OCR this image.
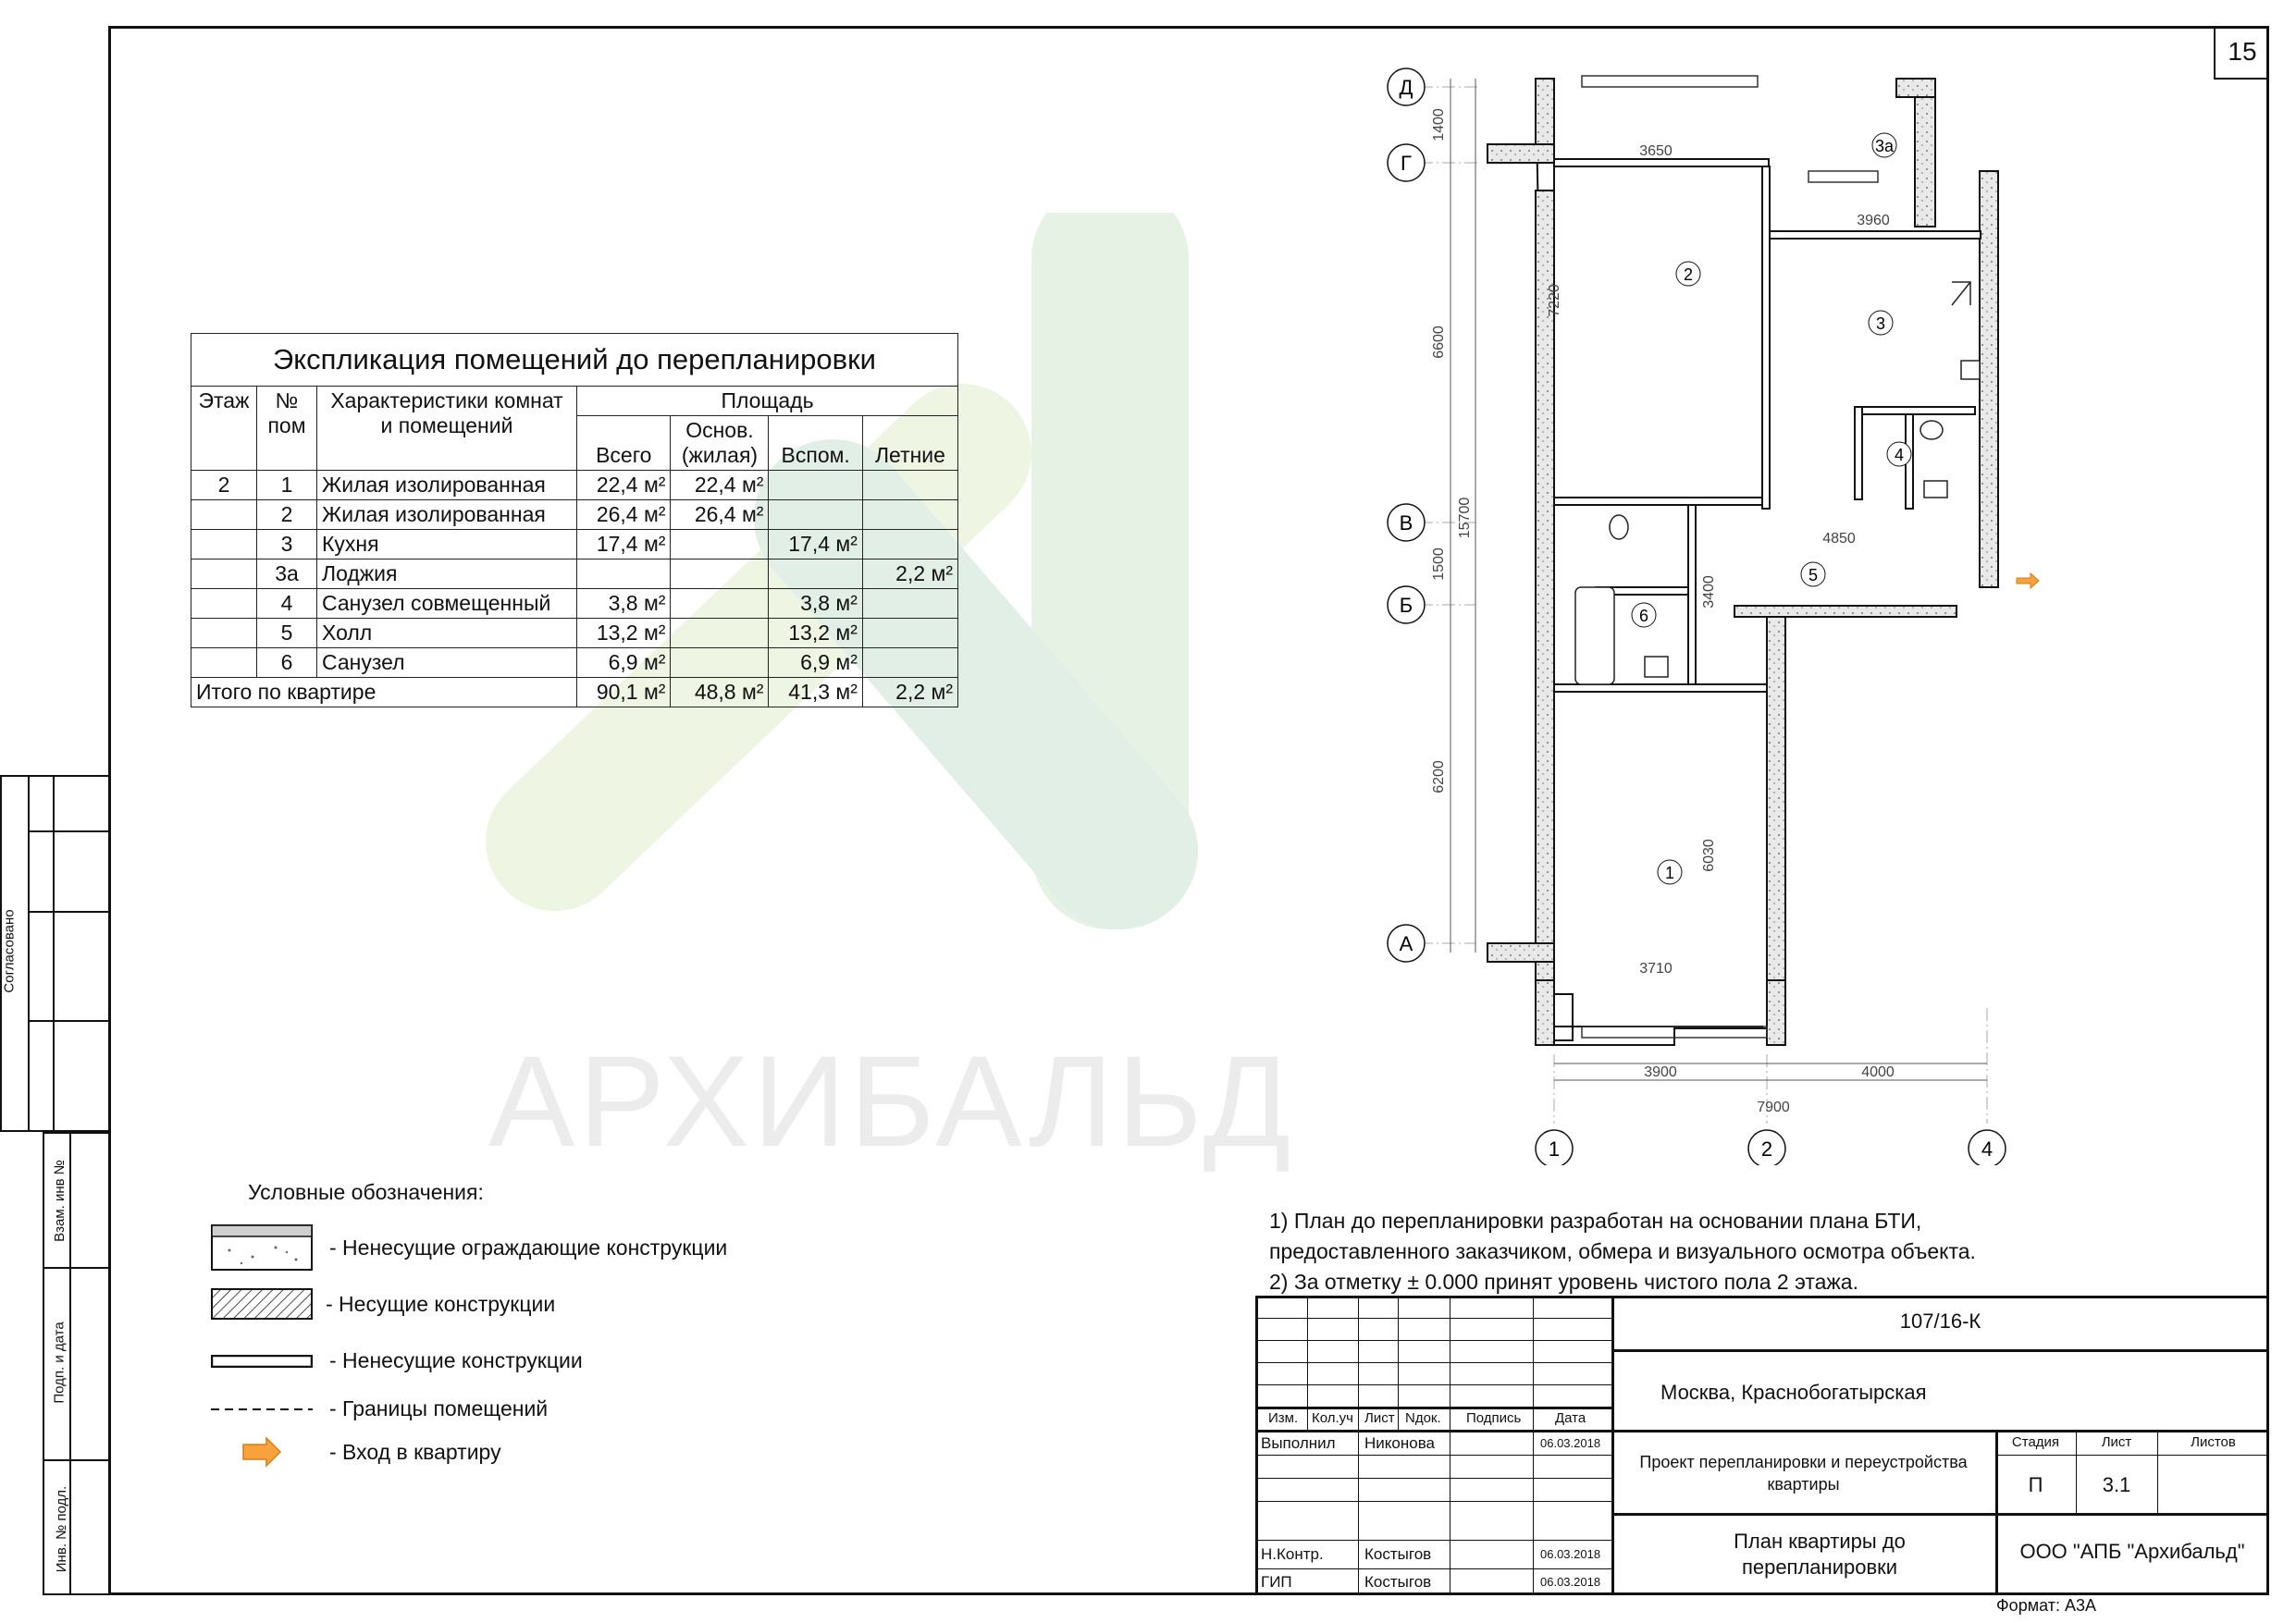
АРХИБАЛЬД
15
Согласовано
Взам. инв №
Подп. и дата
Инв. № подл.
Экспликация помещений до перепланировки						
Этаж	№ пом	Характеристики комнат и помещений	Площадь			
			Всего	Основ. (жилая)	Вспом.	Летние
2	1	Жилая изолированная	22,4 м²	22,4 м²		
	2	Жилая изолированная	26,4 м²	26,4 м²		
	3	Кухня	17,4 м²		17,4 м²	
	3а	Лоджия				2,2 м²
	4	Санузел совмещенный	3,8 м²		3,8 м²	
	5	Холл	13,2 м²		13,2 м²	
	6	Санузел	6,9 м²		6,9 м²	
Итого по квартире			90,1 м²	48,8 м²	41,3 м²	2,2 м²
Условные обозначения:
- Ненесущие ограждающие конструкции
- Несущие конструкции
- Ненесущие конструкции
- Границы помещений
- Вход в квартиру
1) План до перепланировки разработан на основании плана БТИ,
предоставленного заказчиком, обмера и визуального осмотра объекта.
2) За отметку ± 0.000 принят уровень чистого пола 2 этажа.
Д
Г
В
Б
А
1	2	4
1400
6600
15700
1500
6200
3900	4000
7900
3650
7220
3960
4850
3400
6030
3710
1
2
3
3а
4
5
6
Изм. Кол.уч Лист Nдок. Подпись Дата
Выполнил Никонова	06.03.2018
Н.Контр.	Костыгов	06.03.2018
ГИП	Костыгов	06.03.2018
107/16-К
Москва, Краснобогатырская
Проект перепланировки и переустройства квартиры
Стадия	Лист	Листов
П	3.1
План квартиры до перепланировки
ООО "АПБ "Архибальд"
Формат: А3А
